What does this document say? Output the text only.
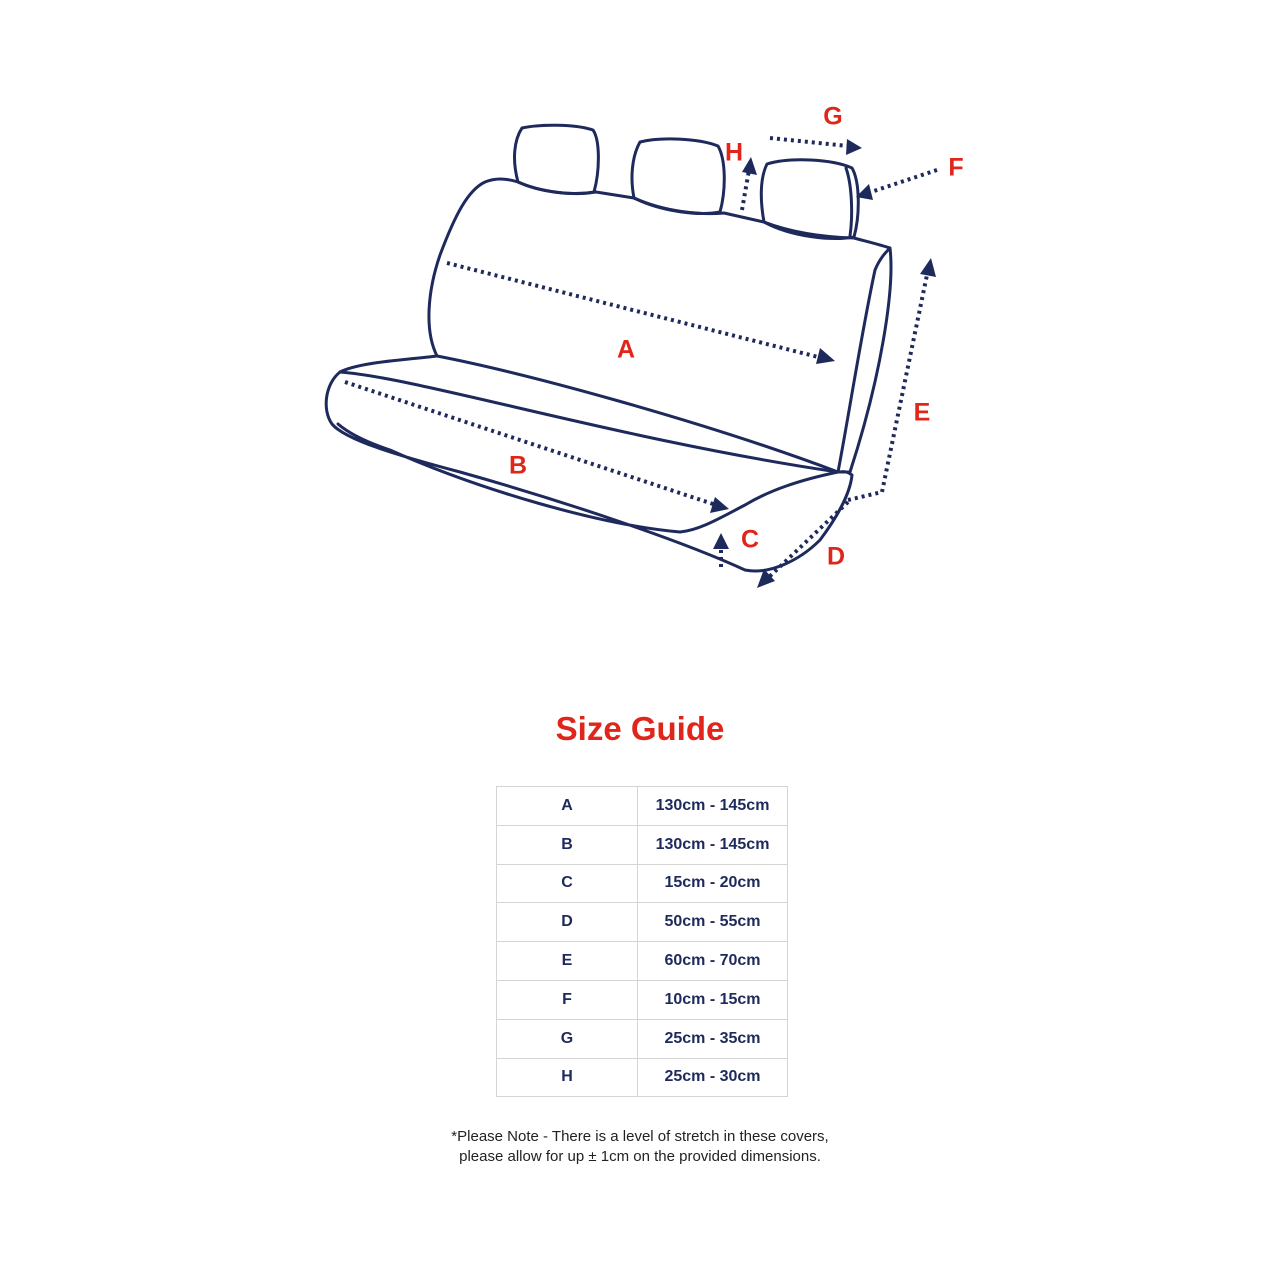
A
B
C
D
E
F
G
H
Size Guide
A	130cm - 145cm
B	130cm - 145cm
C	15cm - 20cm
D	50cm - 55cm
E	60cm - 70cm
F	10cm - 15cm
G	25cm - 35cm
H	25cm - 30cm
*Please Note - There is a level of stretch in these covers,
please allow for up ± 1cm on the provided dimensions.
